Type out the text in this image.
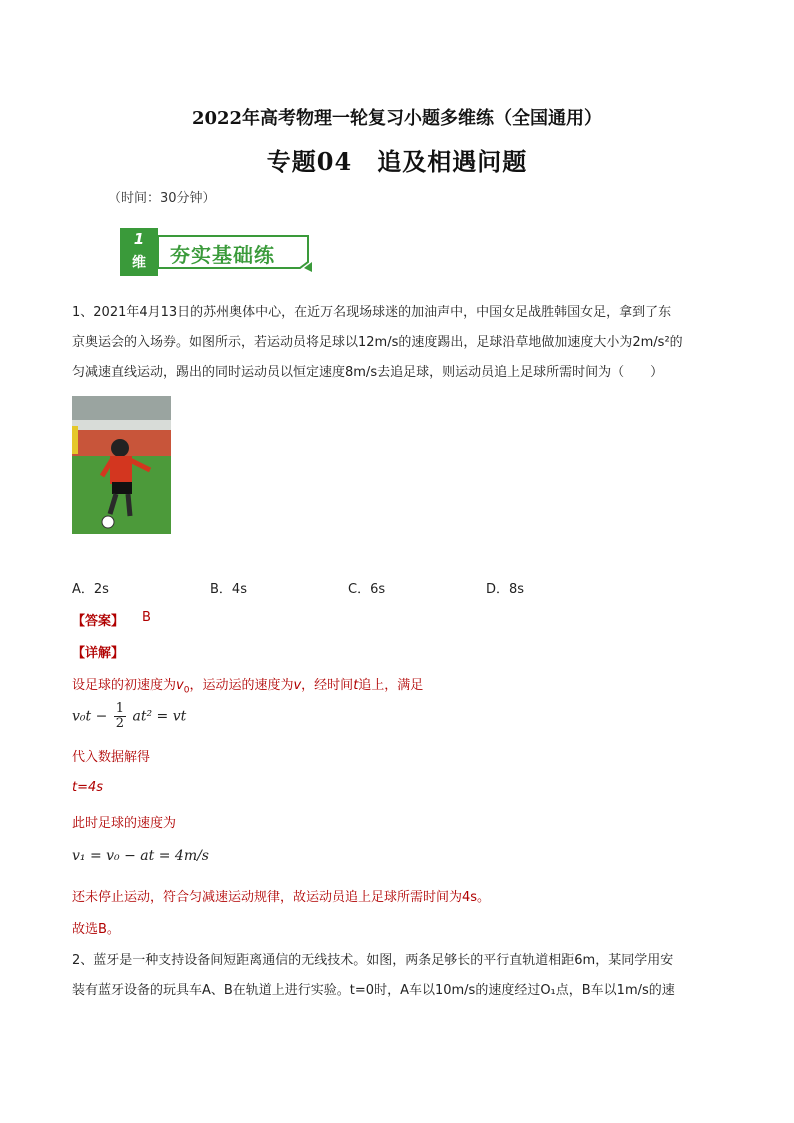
2022年高考物理一轮复习小题多维练（全国通用）
专题04　追及相遇问题
（时间：30分钟）
1
维	夯实基础练
1、2021年4月13日的苏州奥体中心，在近万名现场球迷的加油声中，中国女足战胜韩国女足，拿到了东
京奥运会的入场券。如图所示，若运动员将足球以12m/s的速度踢出，足球沿草地做加速度大小为2m/s²的
匀减速直线运动，踢出的同时运动员以恒定速度8m/s去追足球，则运动员追上足球所需时间为（　　）
A．2s	B．4s	C．6s	D．8s
【答案】 B
【详解】
设足球的初速度为$v_0$，运动运的速度为v，经时间t追上，满足
$v_0t - \frac{1}{2} at^2$ = vt
代入数据解得
t=4s
此时足球的速度为
v₁ = v₀ − at = 4m/s
还未停止运动，符合匀减速运动规律，故运动员追上足球所需时间为4s。
故选B。
2、蓝牙是一种支持设备间短距离通信的无线技术。如图，两条足够长的平行直轨道相距6m，某同学用安
装有蓝牙设备的玩具车A、B在轨道上进行实验。t=0时，A车以10m/s的速度经过O₁点，B车以1m/s的速
